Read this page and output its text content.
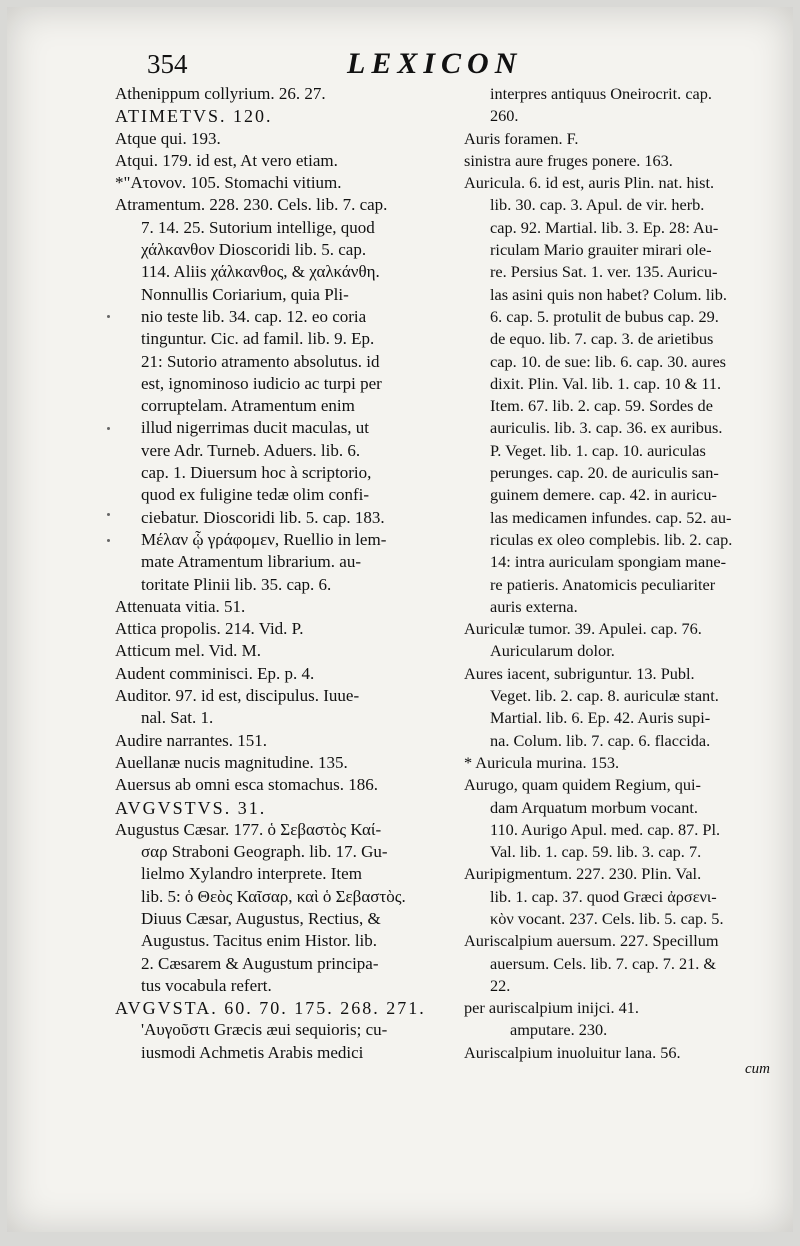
354	LEXICON
Athenippum collyrium. 26. 27.
ATIMETVS. 120.
Atque qui. 193.
Atqui. 179. id est, At vero etiam.
*"Ατονον. 105. Stomachi vitium.
Atramentum. 228. 230. Cels. lib. 7. cap.
7. 14. 25. Sutorium intellige, quod
χάλκανθον Dioscoridi lib. 5. cap.
114. Aliis χάλκανθος, & χαλκάνθη.
Nonnullis Coriarium, quia Pli-
nio teste lib. 34. cap. 12. eo coria
tinguntur. Cic. ad famil. lib. 9. Ep.
21: Sutorio atramento absolutus. id
est, ignominoso iudicio ac turpi per
corruptelam. Atramentum enim
illud nigerrimas ducit maculas, ut
vere Adr. Turneb. Aduers. lib. 6.
cap. 1. Diuersum hoc à scriptorio,
quod ex fuligine tedæ olim confi-
ciebatur. Dioscoridi lib. 5. cap. 183.
Μέλαν ᾧ γράφομεν, Ruellio in lem-
mate Atramentum librarium. au-
toritate Plinii lib. 35. cap. 6.
Attenuata vitia. 51.
Attica propolis. 214. Vid. P.
Atticum mel. Vid. M.
Audent comminisci. Ep. p. 4.
Auditor. 97. id est, discipulus. Iuue-
nal. Sat. 1.
Audire narrantes. 151.
Auellanæ nucis magnitudine. 135.
Auersus ab omni esca stomachus. 186.
AVGVSTVS. 31.
Augustus Cæsar. 177. ὁ Σεβαστὸς Καί-
σαρ Straboni Geograph. lib. 17. Gu-
lielmo Xylandro interprete. Item
lib. 5: ὁ Θεὸς Καῖσαρ, καὶ ὁ Σεβαστὸς.
Diuus Cæsar, Augustus, Rectius, &
Augustus. Tacitus enim Histor. lib.
2. Cæsarem & Augustum principa-
tus vocabula refert.
AVGVSTA. 60. 70. 175. 268. 271.
'Αυγοῦστι Græcis æui sequioris; cu-
iusmodi Achmetis Arabis medici
interpres antiquus Oneirocrit. cap.
260.
Auris foramen. F.
sinistra aure fruges ponere. 163.
Auricula. 6. id est, auris Plin. nat. hist.
lib. 30. cap. 3. Apul. de vir. herb.
cap. 92. Martial. lib. 3. Ep. 28: Au-
riculam Mario grauiter mirari ole-
re. Persius Sat. 1. ver. 135. Auricu-
las asini quis non habet? Colum. lib.
6. cap. 5. protulit de bubus cap. 29.
de equo. lib. 7. cap. 3. de arietibus
cap. 10. de sue: lib. 6. cap. 30. aures
dixit. Plin. Val. lib. 1. cap. 10 & 11.
Item. 67. lib. 2. cap. 59. Sordes de
auriculis. lib. 3. cap. 36. ex auribus.
P. Veget. lib. 1. cap. 10. auriculas
perunges. cap. 20. de auriculis san-
guinem demere. cap. 42. in auricu-
las medicamen infundes. cap. 52. au-
riculas ex oleo complebis. lib. 2. cap.
14: intra auriculam spongiam mane-
re patieris. Anatomicis peculiariter
auris externa.
Auriculæ tumor. 39. Apulei. cap. 76.
Auricularum dolor.
Aures iacent, subriguntur. 13. Publ.
Veget. lib. 2. cap. 8. auriculæ stant.
Martial. lib. 6. Ep. 42. Auris supi-
na. Colum. lib. 7. cap. 6. flaccida.
* Auricula murina. 153.
Aurugo, quam quidem Regium, qui-
dam Arquatum morbum vocant.
110. Aurigo Apul. med. cap. 87. Pl.
Val. lib. 1. cap. 59. lib. 3. cap. 7.
Auripigmentum. 227. 230. Plin. Val.
lib. 1. cap. 37. quod Græci ἀρσενι-
κὸν vocant. 237. Cels. lib. 5. cap. 5.
Auriscalpium auersum. 227. Specillum
auersum. Cels. lib. 7. cap. 7. 21. &
22.
per auriscalpium inijci. 41.
amputare. 230.
Auriscalpium inuoluitur lana. 56.
cum
